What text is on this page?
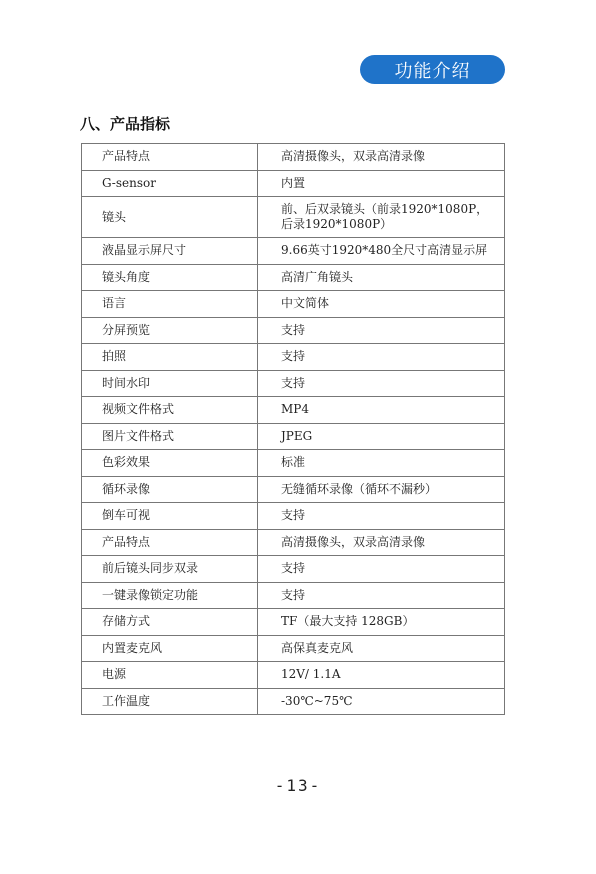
功能介绍
八、产品指标
产品特点	高清摄像头，双录高清录像
G-sensor	内置
镜头	前、后双录镜头（前录1920*1080P，
后录1920*1080P）
液晶显示屏尺寸	9.66英寸1920*480全尺寸高清显示屏
镜头角度	高清广角镜头
语言	中文简体
分屏预览	支持
拍照	支持
时间水印	支持
视频文件格式	MP4
图片文件格式	JPEG
色彩效果	标准
循环录像	无缝循环录像（循环不漏秒）
倒车可视	支持
产品特点	高清摄像头，双录高清录像
前后镜头同步双录	支持
一键录像锁定功能	支持
存储方式	TF（最大支持 128GB）
内置麦克风	高保真麦克风
电源	12V/ 1.1A
工作温度	-30℃~75℃
-13-
